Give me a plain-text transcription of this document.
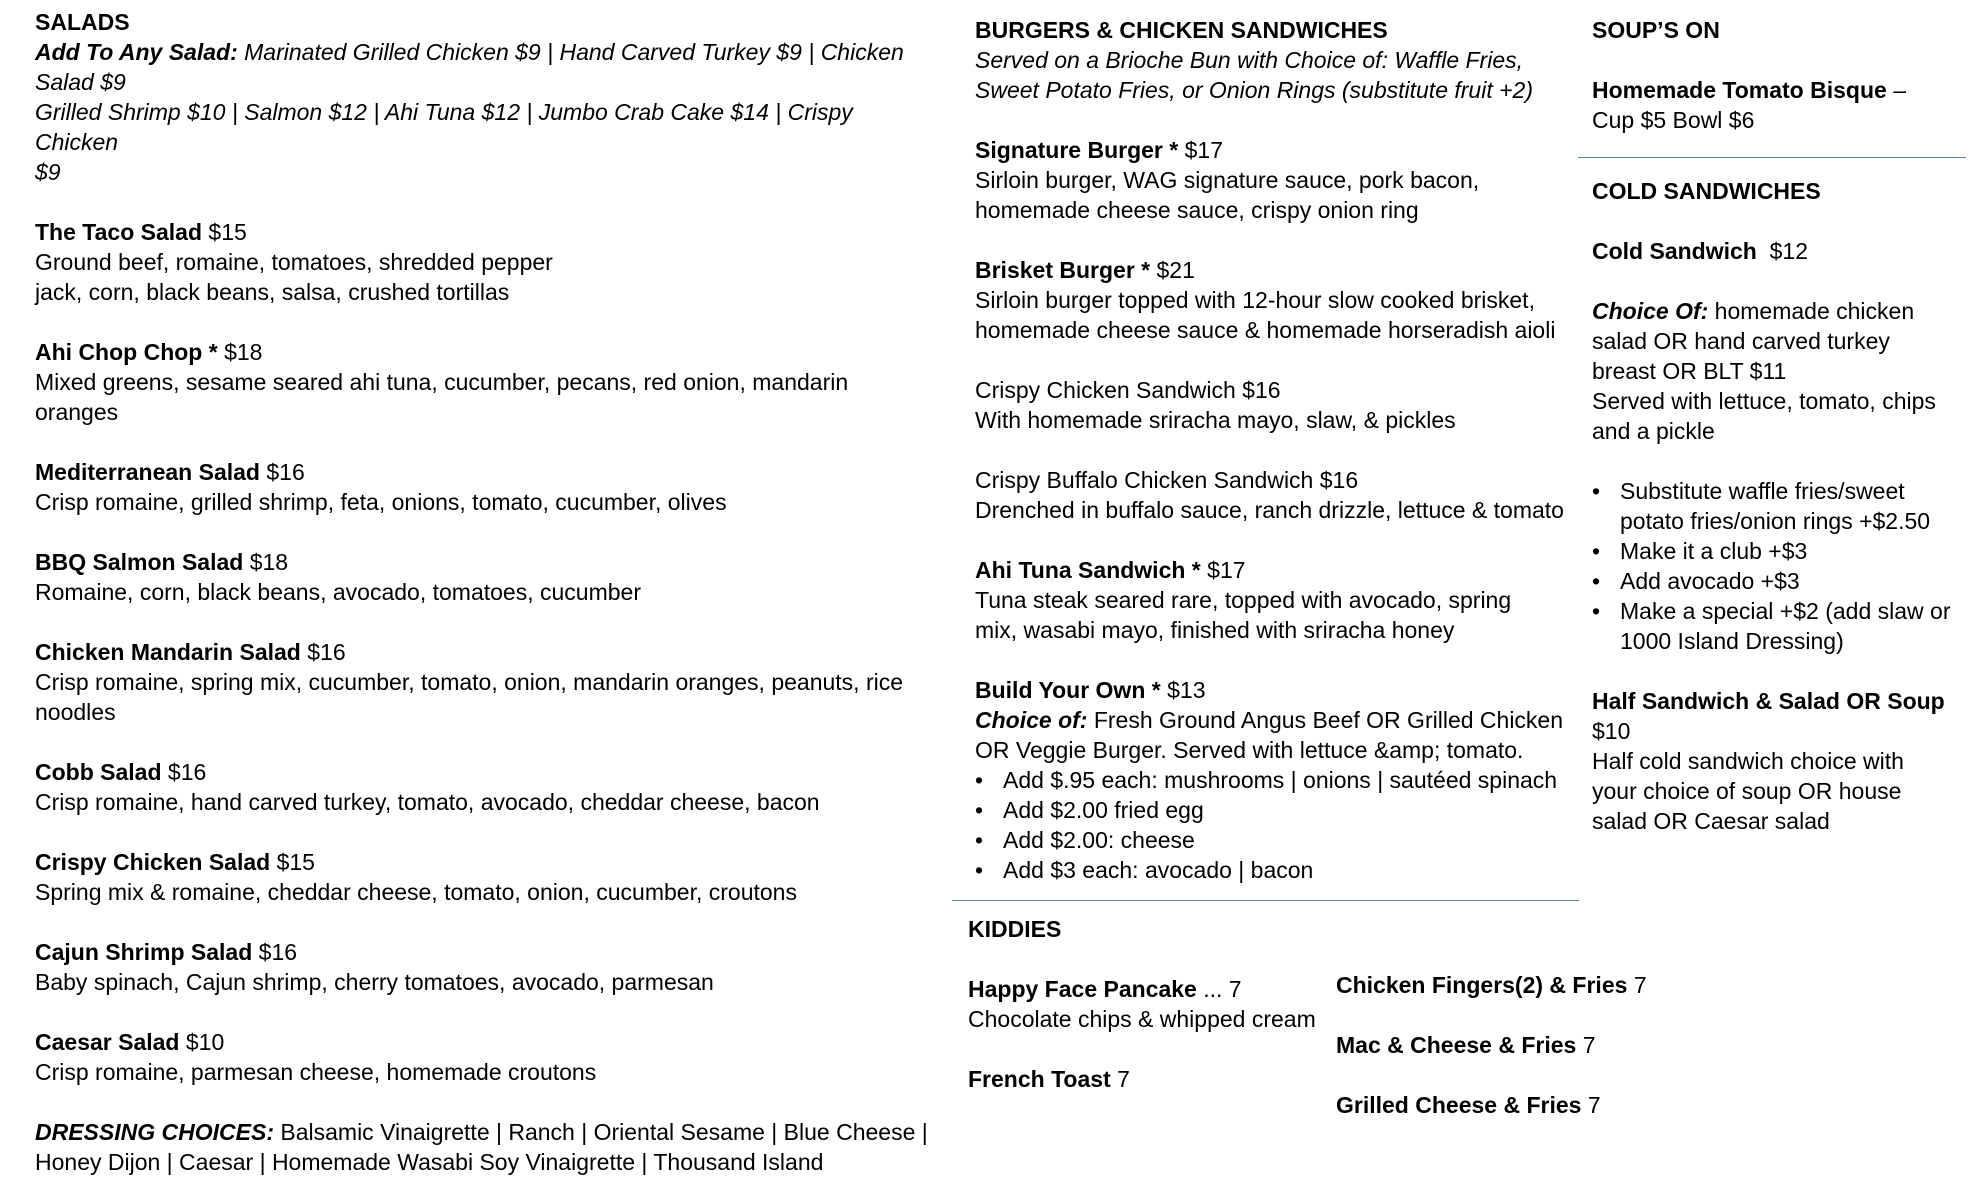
SALADS

Add To Any Salad: Marinated Grilled Chicken $9 | Hand Carved Turkey $9 | Chicken

Salad $9

Grilled Shrimp $10 | Salmon $12 | Ahi Tuna $12 | Jumbo Crab Cake $14 | Crispy Chicken

$9

The Taco Salad $15

Ground beef, romaine, tomatoes, shredded pepper

jack, corn, black beans, salsa, crushed tortillas

Ahi Chop Chop * $18

Mixed greens, sesame seared ahi tuna, cucumber, pecans, red onion, mandarin oranges

Mediterranean Salad $16

Crisp romaine, grilled shrimp, feta, onions, tomato, cucumber, olives

BBQ Salmon Salad $18

Romaine, corn, black beans, avocado, tomatoes, cucumber

Chicken Mandarin Salad $16

Crisp romaine, spring mix, cucumber, tomato, onion, mandarin oranges, peanuts, rice

noodles

Cobb Salad $16

Crisp romaine, hand carved turkey, tomato, avocado, cheddar cheese, bacon

Crispy Chicken Salad $15

Spring mix & romaine, cheddar cheese, tomato, onion, cucumber, croutons

Cajun Shrimp Salad $16

Baby spinach, Cajun shrimp, cherry tomatoes, avocado, parmesan

Caesar Salad $10

Crisp romaine, parmesan cheese, homemade croutons

DRESSING CHOICES: Balsamic Vinaigrette | Ranch | Oriental Sesame | Blue Cheese |

Honey Dijon | Caesar | Homemade Wasabi Soy Vinaigrette | Thousand Island

BURGERS & CHICKEN SANDWICHES

Served on a Brioche Bun with Choice of: Waffle Fries,

Sweet Potato Fries, or Onion Rings (substitute fruit +2)

Signature Burger * $17

Sirloin burger, WAG signature sauce, pork bacon,

homemade cheese sauce, crispy onion ring

Brisket Burger * $21

Sirloin burger topped with 12-hour slow cooked brisket,

homemade cheese sauce & homemade horseradish aioli

Crispy Chicken Sandwich $16

With homemade sriracha mayo, slaw, & pickles

Crispy Buffalo Chicken Sandwich $16

Drenched in buffalo sauce, ranch drizzle, lettuce & tomato

Ahi Tuna Sandwich * $17

Tuna steak seared rare, topped with avocado, spring

mix, wasabi mayo, finished with sriracha honey

Build Your Own * $13

Choice of: Fresh Ground Angus Beef OR Grilled Chicken

OR Veggie Burger. Served with lettuce &amp; tomato.

• Add $.95 each: mushrooms | onions | sautéed spinach

• Add $2.00 fried egg

• Add $2.00: cheese

• Add $3 each: avocado | bacon

KIDDIES

Happy Face Pancake ... 7

Chocolate chips & whipped cream

French Toast 7

Chicken Fingers(2) & Fries 7

Mac & Cheese & Fries 7

Grilled Cheese & Fries 7

SOUP’S ON

Homemade Tomato Bisque –

Cup $5 Bowl $6

COLD SANDWICHES

Cold Sandwich $12

Choice Of: homemade chicken

salad OR hand carved turkey

breast OR BLT $11

Served with lettuce, tomato, chips

and a pickle

• Substitute waffle fries/sweet

potato fries/onion rings +$2.50

• Make it a club +$3

• Add avocado +$3

• Make a special +$2 (add slaw or

1000 Island Dressing)

Half Sandwich & Salad OR Soup

$10

Half cold sandwich choice with

your choice of soup OR house

salad OR Caesar salad
